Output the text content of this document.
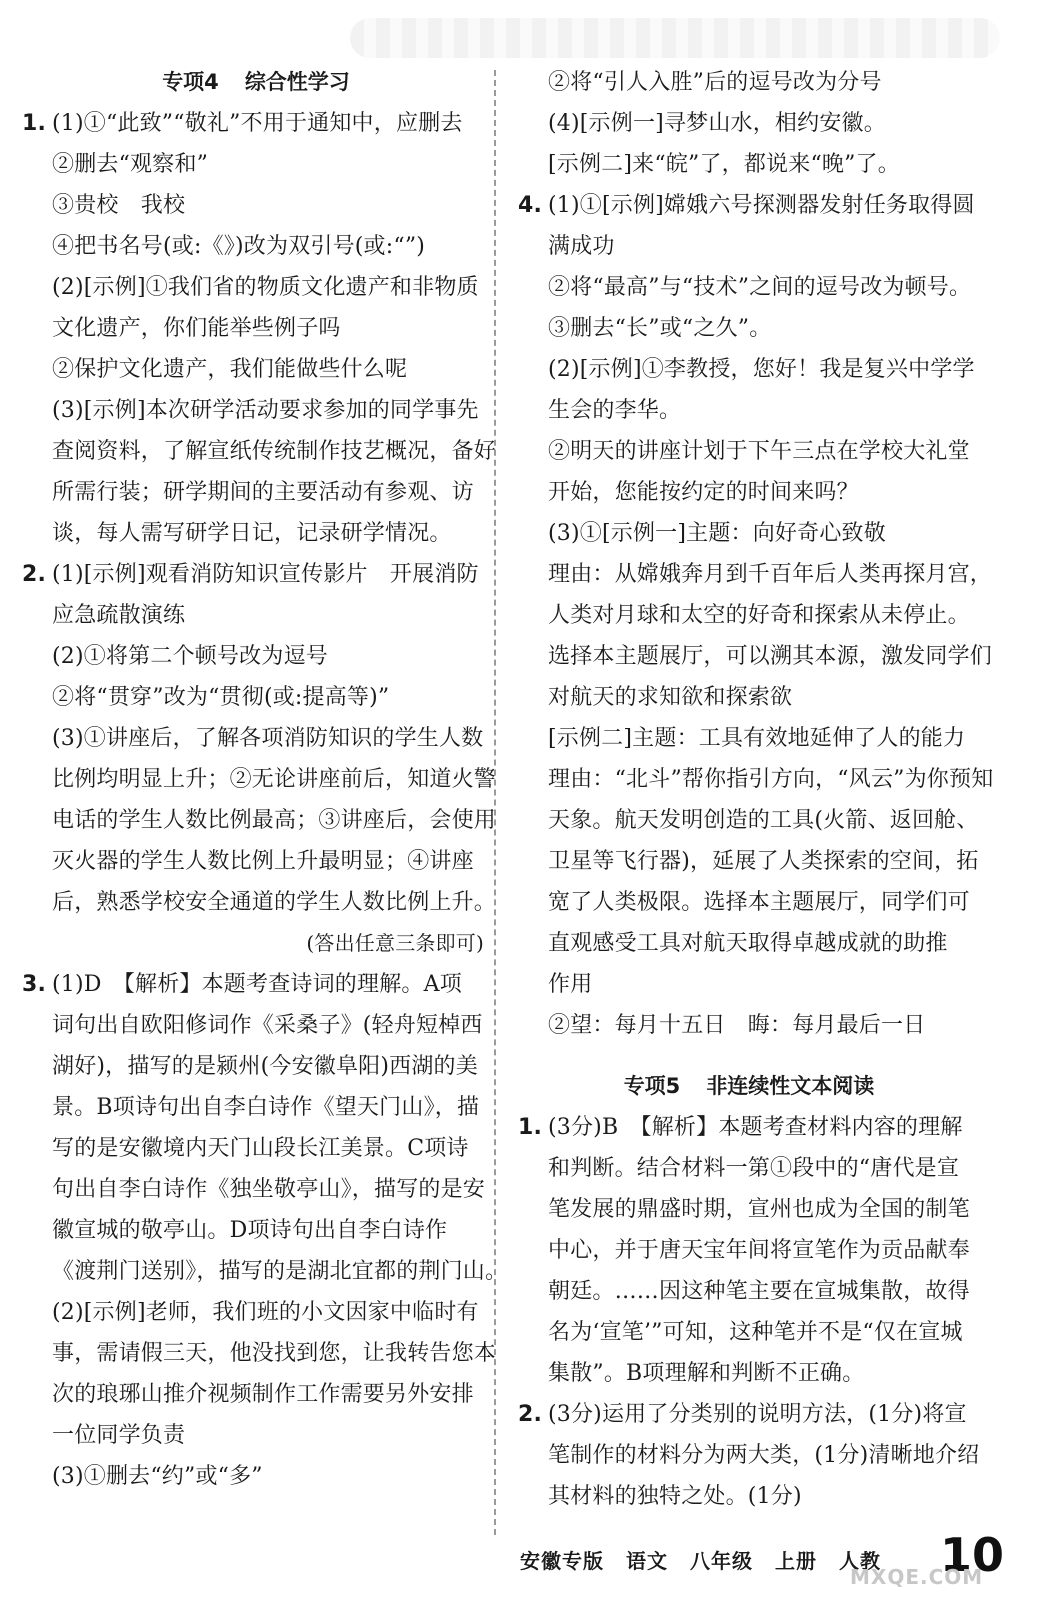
专项4 综合性学习
1. (1)①“此致”“敬礼”不用于通知中，应删去
②删去“观察和”
③贵校　我校
④把书名号(或:《》)改为双引号(或:“”)
(2)[示例]①我们省的物质文化遗产和非物质
文化遗产，你们能举些例子吗
②保护文化遗产，我们能做些什么呢
(3)[示例]本次研学活动要求参加的同学事先
查阅资料，了解宣纸传统制作技艺概况，备好
所需行装；研学期间的主要活动有参观、访
谈，每人需写研学日记，记录研学情况。
2. (1)[示例]观看消防知识宣传影片　开展消防
应急疏散演练
(2)①将第二个顿号改为逗号
②将“贯穿”改为“贯彻(或:提高等)”
(3)①讲座后，了解各项消防知识的学生人数
比例均明显上升；②无论讲座前后，知道火警
电话的学生人数比例最高；③讲座后，会使用
灭火器的学生人数比例上升最明显；④讲座
后，熟悉学校安全通道的学生人数比例上升。
(答出任意三条即可)
3. (1)D　【解析】本题考查诗词的理解。A项
词句出自欧阳修词作《采桑子》(轻舟短棹西
湖好)，描写的是颍州(今安徽阜阳)西湖的美
景。B项诗句出自李白诗作《望天门山》，描
写的是安徽境内天门山段长江美景。C项诗
句出自李白诗作《独坐敬亭山》，描写的是安
徽宣城的敬亭山。D项诗句出自李白诗作
《渡荆门送别》，描写的是湖北宜都的荆门山。
(2)[示例]老师，我们班的小文因家中临时有
事，需请假三天，他没找到您，让我转告您本
次的琅琊山推介视频制作工作需要另外安排
一位同学负责
(3)①删去“约”或“多”
②将“引人入胜”后的逗号改为分号
(4)[示例一]寻梦山水，相约安徽。
[示例二]来“皖”了，都说来“晚”了。
4. (1)①[示例]嫦娥六号探测器发射任务取得圆
满成功
②将“最高”与“技术”之间的逗号改为顿号。
③删去“长”或“之久”。
(2)[示例]①李教授，您好！我是复兴中学学
生会的李华。
②明天的讲座计划于下午三点在学校大礼堂
开始，您能按约定的时间来吗？
(3)①[示例一]主题：向好奇心致敬
理由：从嫦娥奔月到千百年后人类再探月宫，
人类对月球和太空的好奇和探索从未停止。
选择本主题展厅，可以溯其本源，激发同学们
对航天的求知欲和探索欲
[示例二]主题：工具有效地延伸了人的能力
理由：“北斗”帮你指引方向，“风云”为你预知
天象。航天发明创造的工具(火箭、返回舱、
卫星等飞行器)，延展了人类探索的空间，拓
宽了人类极限。选择本主题展厅，同学们可
直观感受工具对航天取得卓越成就的助推
作用
②望：每月十五日　晦：每月最后一日
专项5 非连续性文本阅读
1. (3分)B　【解析】本题考查材料内容的理解
和判断。结合材料一第①段中的“唐代是宣
笔发展的鼎盛时期，宣州也成为全国的制笔
中心，并于唐天宝年间将宣笔作为贡品献奉
朝廷。……因这种笔主要在宣城集散，故得
名为‘宣笔’”可知，这种笔并不是“仅在宣城
集散”。B项理解和判断不正确。
2. (3分)运用了分类别的说明方法，(1分)将宣
笔制作的材料分为两大类，(1分)清晰地介绍
其材料的独特之处。(1分)
安徽专版 语文 八年级 上册 人教	10
MXQE.COM
